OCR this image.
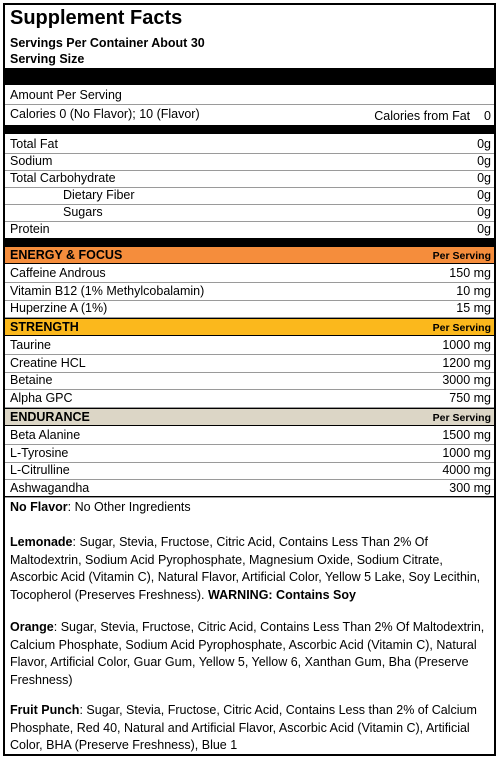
Supplement Facts
Servings Per Container About 30
Serving Size
Amount Per Serving
Calories 0 (No Flavor); 10 (Flavor)	Calories from Fat 0
Total Fat	0g
Sodium	0g
Total Carbohydrate	0g
Dietary Fiber	0g
Sugars	0g
Protein	0g
ENERGY & FOCUS	Per Serving
Caffeine Androus	150 mg
Vitamin B12 (1% Methylcobalamin)	10 mg
Huperzine A (1%)	15 mg
STRENGTH	Per Serving
Taurine	1000 mg
Creatine HCL	1200 mg
Betaine	3000 mg
Alpha GPC	750 mg
ENDURANCE	Per Serving
Beta Alanine	1500 mg
L-Tyrosine	1000 mg
L-Citrulline	4000 mg
Ashwagandha	300 mg
No Flavor: No Other Ingredients
Lemonade: Sugar, Stevia, Fructose, Citric Acid, Contains Less Than 2% Of Maltodextrin, Sodium Acid Pyrophosphate, Magnesium Oxide, Sodium Citrate, Ascorbic Acid (Vitamin C), Natural Flavor, Artificial Color, Yellow 5 Lake, Soy Lecithin, Tocopherol (Preserves Freshness). WARNING: Contains Soy
Orange: Sugar, Stevia, Fructose, Citric Acid, Contains Less Than 2% Of Maltodextrin, Calcium Phosphate, Sodium Acid Pyrophosphate, Ascorbic Acid (Vitamin C), Natural Flavor, Artificial Color, Guar Gum, Yellow 5, Yellow 6, Xanthan Gum, Bha (Preserve Freshness)
Fruit Punch: Sugar, Stevia, Fructose, Citric Acid, Contains Less than 2% of Calcium Phosphate, Red 40, Natural and Artificial Flavor, Ascorbic Acid (Vitamin C), Artificial Color, BHA (Preserve Freshness), Blue 1
